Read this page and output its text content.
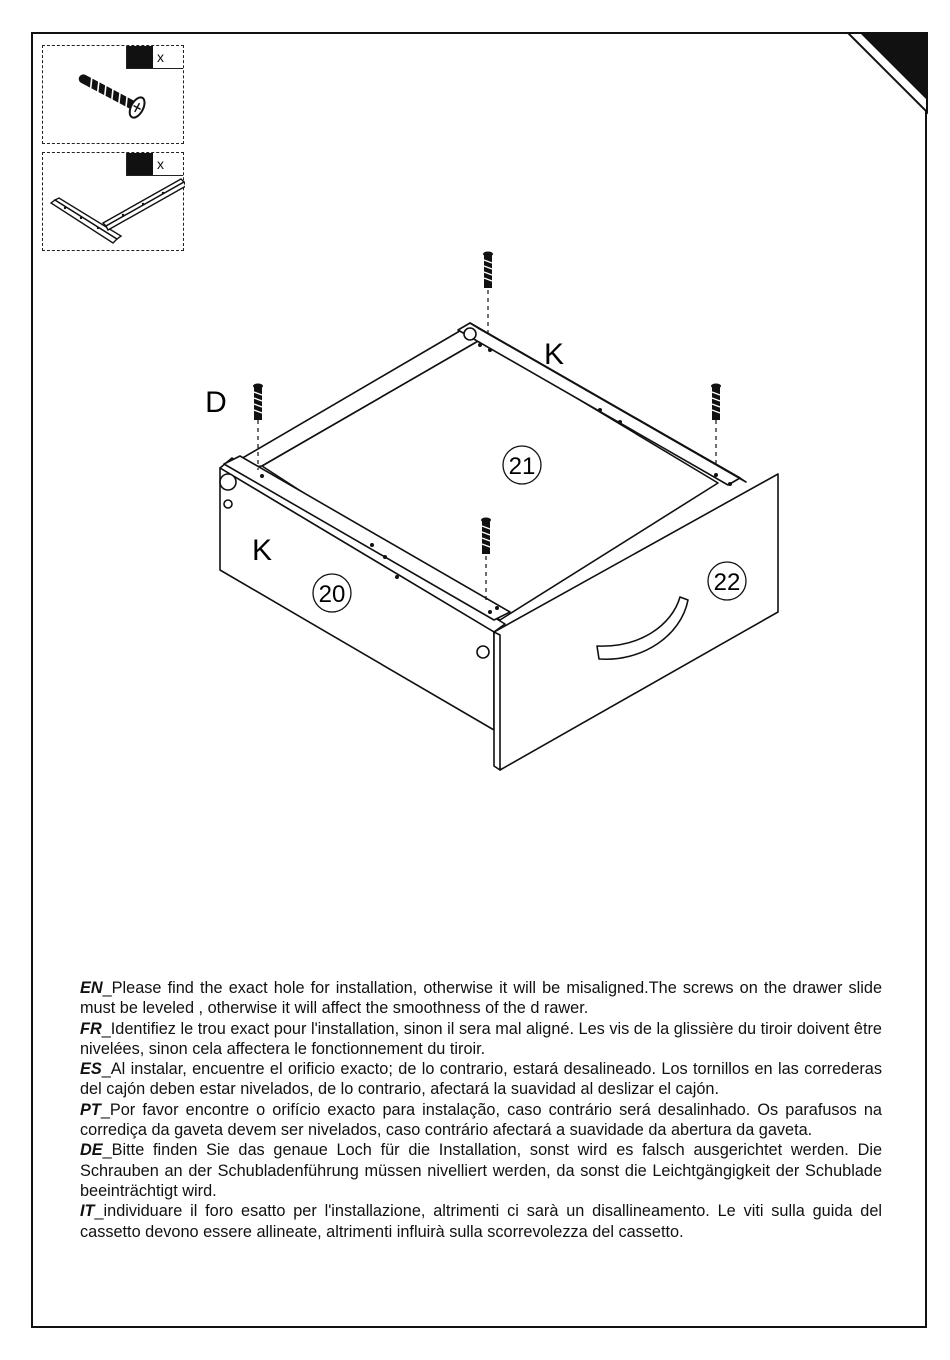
x
x
21
20	22
K
K
D

EN_Please find the exact hole for installation, otherwise it will be misaligned.The screws on the drawer slide must be leveled , otherwise it will affect the smoothness of the d rawer.

FR_Identifiez le trou exact pour l'installation, sinon il sera mal aligné. Les vis de la glissière du tiroir doivent être nivelées, sinon cela affectera le fonctionnement du tiroir.

ES_Al instalar, encuentre el orificio exacto; de lo contrario, estará desalineado. Los tornillos en las correderas del cajón deben estar nivelados, de lo contrario, afectará la suavidad al deslizar el cajón.

PT_Por favor encontre o orifício exacto para instalação, caso contrário será desalinhado. Os parafusos na corrediça da gaveta devem ser nivelados, caso contrário afectará a suavidade da abertura da gaveta.

DE_Bitte finden Sie das genaue Loch für die Installation, sonst wird es falsch ausgerichtet werden. Die Schrauben an der Schubladenführung müssen nivelliert werden, da sonst die Leichtgängigkeit der Schublade beeinträchtigt wird.

IT_individuare il foro esatto per l'installazione, altrimenti ci sarà un disallineamento. Le viti sulla guida del cassetto devono essere allineate, altrimenti influirà sulla scorrevolezza del cassetto.
